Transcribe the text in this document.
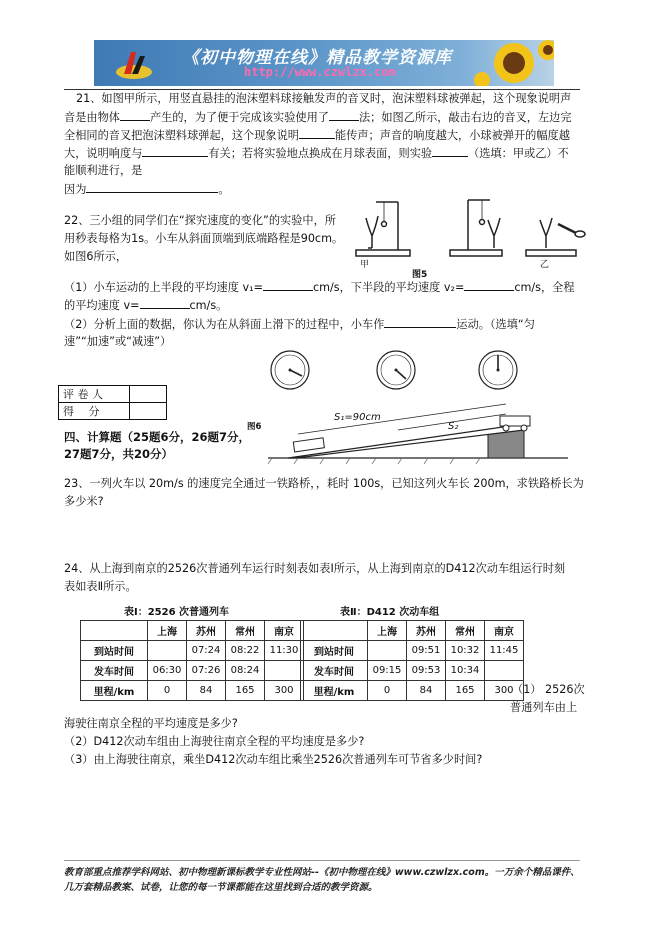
《初中物理在线》精品教学资源库
http://www.czwlzx.com
21、如图甲所示，用竖直悬挂的泡沫塑料球接触发声的音叉时，泡沫塑料球被弹起，这个现象说明声
音是由物体	产生的，为了便于完成该实验使用了	法；如图乙所示，敲击右边的音叉，左边完
全相同的音叉把泡沫塑料球弹起，这个现象说明	能传声；声音的响度越大，小球被弹开的幅度越
大，说明响度与	有关；若将实验地点换成在月球表面，则实验	（选填：甲或乙）不
能顺利进行，是
因为	。
22、三小组的同学们在“探究速度的变化”的实验中，所
用秒表每格为1s。小车从斜面顶端到底端路程是90cm。
如图6所示，
甲	乙
图5
（1）小车运动的上半段的平均速度 v₁=	cm/s，下半段的平均速度 v₂=	cm/s，全程
的平均速度 v=	cm/s。
（2）分析上面的数据，你认为在从斜面上滑下的过程中，小车作	运动。（选填“匀
速”“加速”或“减速”）
评 卷 人	
得　 分	
图6
S₁=90cm
S₂
四、计算题（25题6分，26题7分，
27题7分，共20分）
23、一列火车以 20m/s 的速度完全通过一铁路桥，，耗时 100s，已知这列火车长 200m，求铁路桥长为
多少米?
24、从上海到南京的2526次普通列车运行时刻表如表Ⅰ所示，从上海到南京的D412次动车组运行时刻
表如表Ⅱ所示。
表Ⅰ：2526 次普通列车
	上海	苏州	常州	南京
到站时间		07:24	08:22	11:30
发车时间	06:30	07:26	08:24	
里程/km	0	84	165	300
表Ⅱ：D412 次动车组
	上海	苏州	常州	南京
到站时间		09:51	10:32	11:45
发车时间	09:15	09:53	10:34	
里程/km	0	84	165	300
（1） 2526次
普通列车由上
海驶往南京全程的平均速度是多少?
（2）D412次动车组由上海驶往南京全程的平均速度是多少?
（3）由上海驶往南京，乘坐D412次动车组比乘坐2526次普通列车可节省多少时间?
教育部重点推荐学科网站、初中物理新课标教学专业性网站--《初中物理在线》www.czwlzx.com。一万余个精品课件、几万套精品教案、试卷，让您的每一节课都能在这里找到合适的教学资源。
